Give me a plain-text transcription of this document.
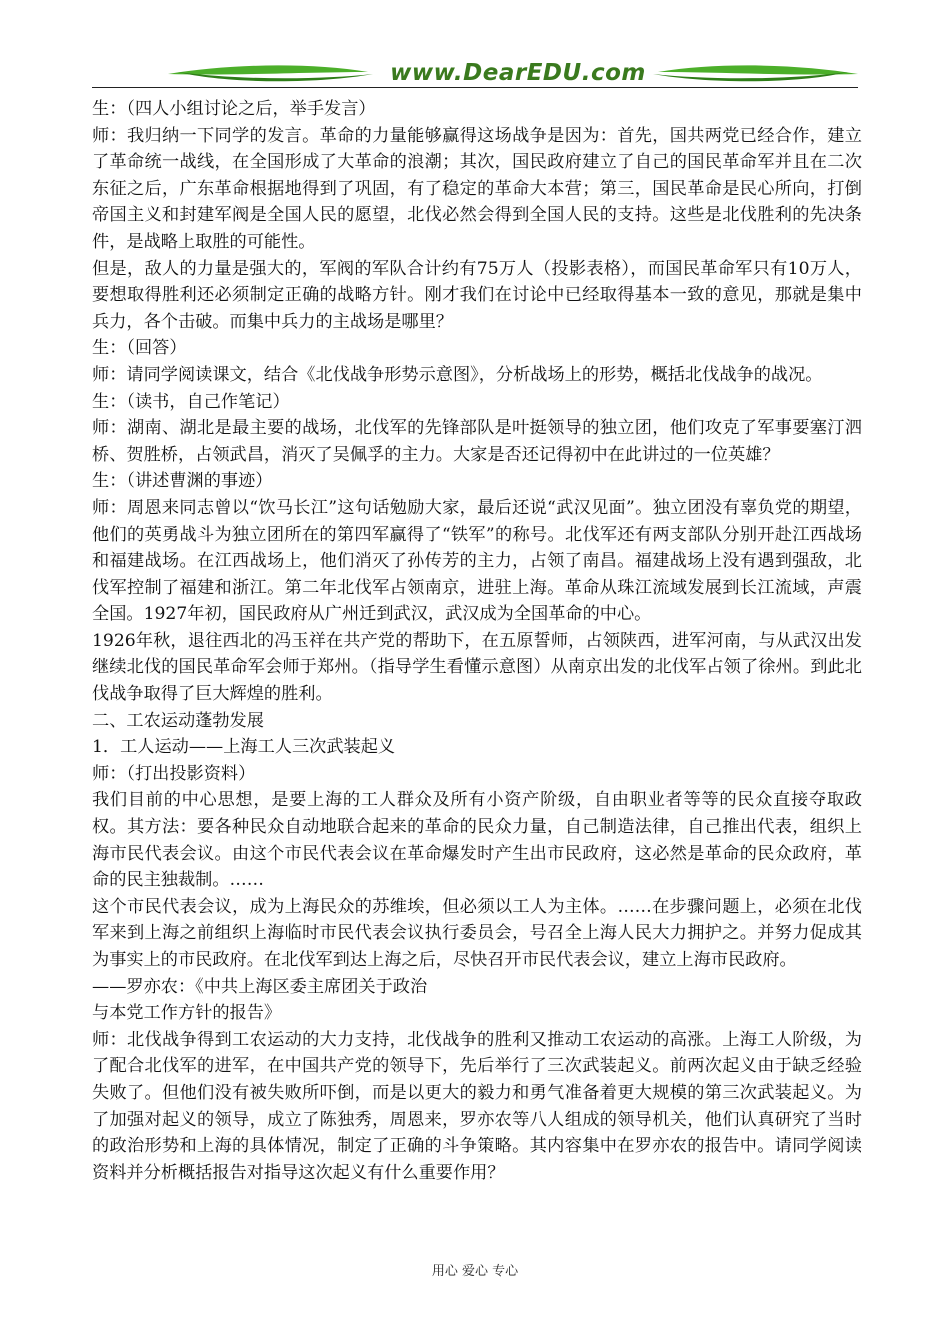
www.DearEDU.com

生：（四人小组讨论之后，举手发言）

师：我归纳一下同学的发言。革命的力量能够赢得这场战争是因为：首先，国共两党已经合作，建立了革命统一战线，在全国形成了大革命的浪潮；其次，国民政府建立了自己的国民革命军并且在二次东征之后，广东革命根据地得到了巩固，有了稳定的革命大本营；第三，国民革命是民心所向，打倒帝国主义和封建军阀是全国人民的愿望，北伐必然会得到全国人民的支持。这些是北伐胜利的先决条件，是战略上取胜的可能性。

但是，敌人的力量是强大的，军阀的军队合计约有75万人（投影表格），而国民革命军只有10万人，要想取得胜利还必须制定正确的战略方针。刚才我们在讨论中已经取得基本一致的意见，那就是集中兵力，各个击破。而集中兵力的主战场是哪里？

生：（回答）

师：请同学阅读课文，结合《北伐战争形势示意图》，分析战场上的形势，概括北伐战争的战况。

生：（读书，自己作笔记）

师：湖南、湖北是最主要的战场，北伐军的先锋部队是叶挺领导的独立团，他们攻克了军事要塞汀泗桥、贺胜桥，占领武昌，消灭了吴佩孚的主力。大家是否还记得初中在此讲过的一位英雄？

生：（讲述曹渊的事迹）

师：周恩来同志曾以“饮马长江”这句话勉励大家，最后还说“武汉见面”。独立团没有辜负党的期望，他们的英勇战斗为独立团所在的第四军赢得了“铁军”的称号。北伐军还有两支部队分别开赴江西战场和福建战场。在江西战场上，他们消灭了孙传芳的主力，占领了南昌。福建战场上没有遇到强敌，北伐军控制了福建和浙江。第二年北伐军占领南京，进驻上海。革命从珠江流域发展到长江流域，声震全国。1927年初，国民政府从广州迁到武汉，武汉成为全国革命的中心。

1926年秋，退往西北的冯玉祥在共产党的帮助下，在五原誓师，占领陕西，进军河南，与从武汉出发继续北伐的国民革命军会师于郑州。（指导学生看懂示意图）从南京出发的北伐军占领了徐州。到此北伐战争取得了巨大辉煌的胜利。

二、工农运动蓬勃发展

1．工人运动——上海工人三次武装起义

师：（打出投影资料）

我们目前的中心思想，是要上海的工人群众及所有小资产阶级，自由职业者等等的民众直接夺取政权。其方法：要各种民众自动地联合起来的革命的民众力量，自己制造法律，自己推出代表，组织上海市民代表会议。由这个市民代表会议在革命爆发时产生出市民政府，这必然是革命的民众政府，革命的民主独裁制。……

这个市民代表会议，成为上海民众的苏维埃，但必须以工人为主体。……在步骤问题上，必须在北伐军来到上海之前组织上海临时市民代表会议执行委员会，号召全上海人民大力拥护之。并努力促成其为事实上的市民政府。在北伐军到达上海之后，尽快召开市民代表会议，建立上海市民政府。

——罗亦农：《中共上海区委主席团关于政治

与本党工作方针的报告》

师：北伐战争得到工农运动的大力支持，北伐战争的胜利又推动工农运动的高涨。上海工人阶级，为了配合北伐军的进军，在中国共产党的领导下，先后举行了三次武装起义。前两次起义由于缺乏经验失败了。但他们没有被失败所吓倒，而是以更大的毅力和勇气准备着更大规模的第三次武装起义。为了加强对起义的领导，成立了陈独秀，周恩来，罗亦农等八人组成的领导机关，他们认真研究了当时的政治形势和上海的具体情况，制定了正确的斗争策略。其内容集中在罗亦农的报告中。请同学阅读资料并分析概括报告对指导这次起义有什么重要作用？

用心 爱心 专心
